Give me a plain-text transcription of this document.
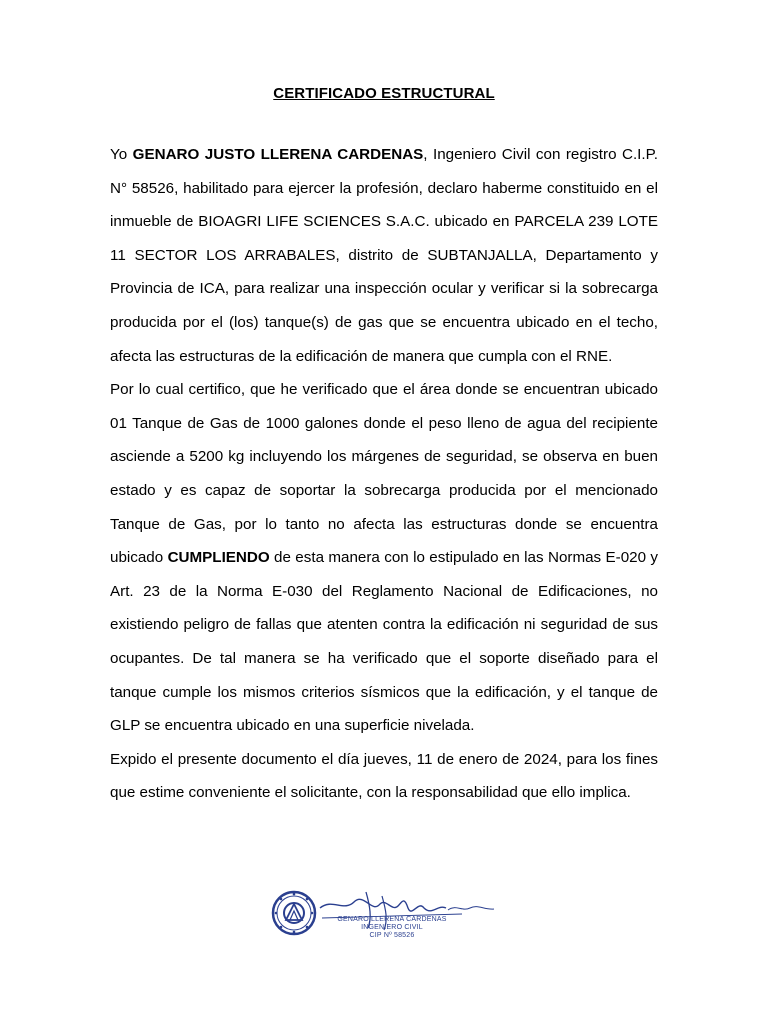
CERTIFICADO ESTRUCTURAL

Yo GENARO JUSTO LLERENA CARDENAS, Ingeniero Civil con registro C.I.P. N° 58526, habilitado para ejercer la profesión, declaro haberme constituido en el inmueble de BIOAGRI LIFE SCIENCES S.A.C. ubicado en PARCELA 239 LOTE 11 SECTOR LOS ARRABALES, distrito de SUBTANJALLA, Departamento y Provincia de ICA, para realizar una inspección ocular y verificar si la sobrecarga producida por el (los) tanque(s) de gas que se encuentra ubicado en el techo, afecta las estructuras de la edificación de manera que cumpla con el RNE.

Por lo cual certifico, que he verificado que el área donde se encuentran ubicado 01 Tanque de Gas de 1000 galones donde el peso lleno de agua del recipiente asciende a 5200 kg incluyendo los márgenes de seguridad, se observa en buen estado y es capaz de soportar la sobrecarga producida por el mencionado Tanque de Gas, por lo tanto no afecta las estructuras donde se encuentra ubicado CUMPLIENDO de esta manera con lo estipulado en las Normas E-020 y Art. 23 de la Norma E-030 del Reglamento Nacional de Edificaciones, no existiendo peligro de fallas que atenten contra la edificación ni seguridad de sus ocupantes. De tal manera se ha verificado que el soporte diseñado para el tanque cumple los mismos criterios sísmicos que la edificación, y el tanque de GLP se encuentra ubicado en una superficie nivelada.

Expido el presente documento el día jueves, 11 de enero de 2024, para los fines que estime conveniente el solicitante, con la responsabilidad que ello implica.

GENARO LLERENA CARDENAS
INGENIERO CIVIL
CIP Nº 58526
